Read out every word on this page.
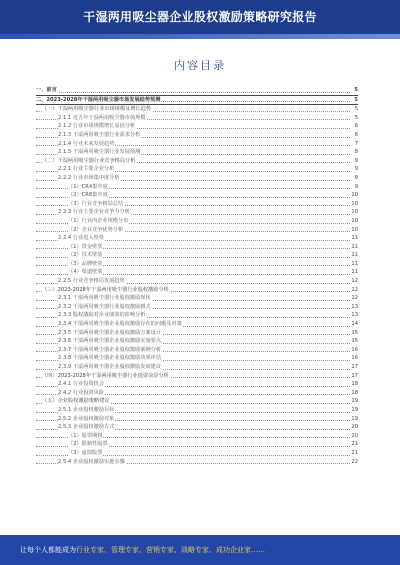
干湿两用吸尘器企业股权激励策略研究报告
内容目录
一、前言	5
二、2023-2028年干湿两用吸尘器市场发展趋势预测	5
（一）干湿两用吸尘器行业市场规模及增长趋势	5
2.1.1 近五年干湿两用吸尘器市场规模	5
2.1.2 行业市场规模增长原因分析	6
2.1.3 干湿两用吸尘器行业需求分析	6
2.1.4 行业未来发展趋势	7
2.1.5 干湿两用吸尘器行业发展预测	8
（二）干湿两用吸尘器行业竞争格局分析	9
2.2.1 行业主要企业分析	9
2.2.2 行业市场集中度分析	9
（1）CR4集中度	9
（2）CR8集中度	10
（3）行业竞争格局总结	10
2.2.3 行业主要企业竞争力分析	10
（1）行业内企业规模分布	10
（2）企业竞争优势分析	10
2.2.4 行业进入壁垒	11
（1）资金壁垒	11
（2）技术壁垒	11
（3）品牌壁垒	11
（4）渠道壁垒	11
2.2.5 行业竞争格局发展趋势	12
（三）2023-2028年干湿两用吸尘器行业股权激励分析	12
2.3.1 干湿两用吸尘器行业股权激励现状	12
2.3.2 干湿两用吸尘器行业股权激励模式	13
2.3.3 股权激励对企业绩效的影响分析	13
2.3.4 干湿两用吸尘器企业股权激励存在的问题及对策	14
2.3.5 干湿两用吸尘器企业股权激励方案设计	15
2.3.6 干湿两用吸尘器企业股权激励实施要点	15
2.3.7 干湿两用吸尘器企业股权激励案例分析	16
2.3.8 干湿两用吸尘器企业股权激励效果评估	16
2.3.9 干湿两用吸尘器企业股权激励发展建议	17
（四）2023-2028年干湿两用吸尘器行业投资前景分析	17
2.4.1 行业投资机会	18
2.4.2 行业投资风险	18
（五）企业股权激励策略建议	19
2.5.1 企业股权激励目标	19
2.5.2 企业股权激励对象	19
2.5.3 企业股权激励方式	20
（1）股票期权	20
（2）限制性股票	21
（3）虚拟股票	21
2.5.4 企业股权激励实施步骤	22
让每个人都能成为行业专家、管理专家、营销专家、战略专家、成功企业家……
